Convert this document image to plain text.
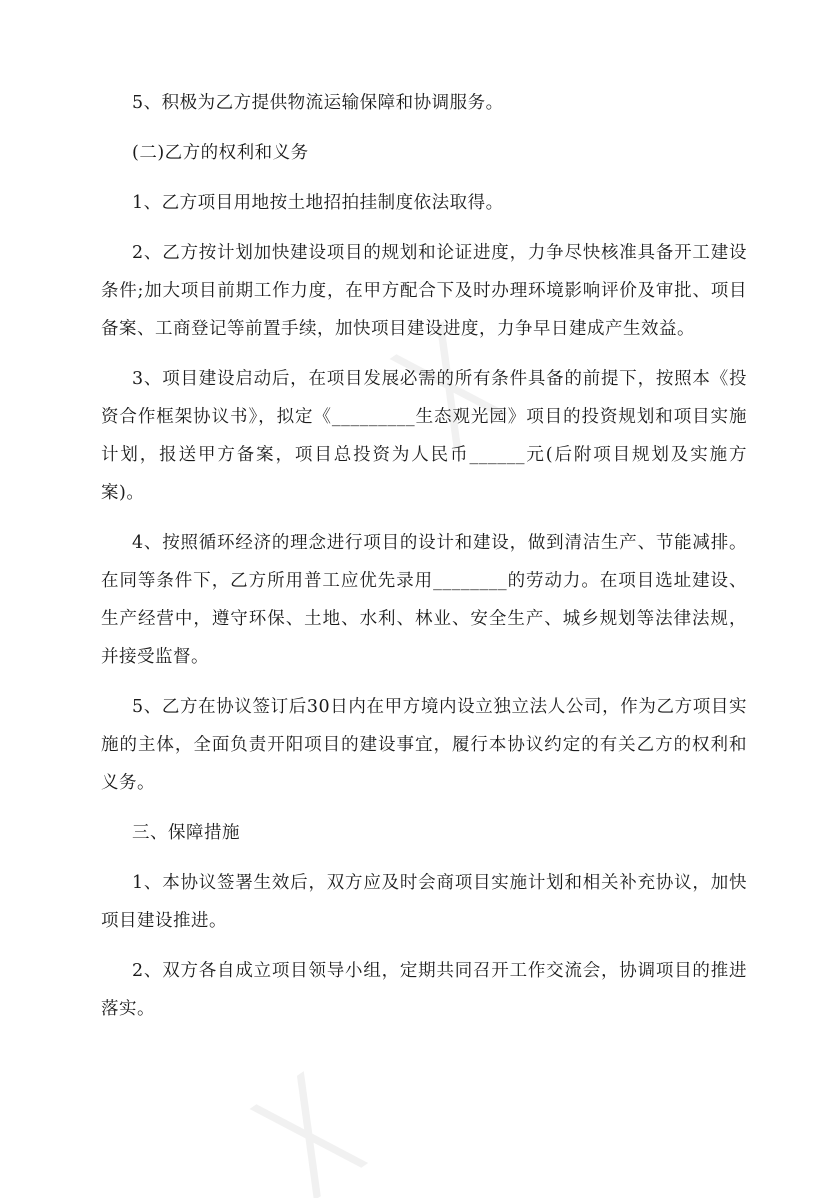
╳
╳

5、积极为乙方提供物流运输保障和协调服务。

(二)乙方的权利和义务

1、乙方项目用地按土地招拍挂制度依法取得。

2、乙方按计划加快建设项目的规划和论证进度，力争尽快核准具备开工建设条件;加大项目前期工作力度，在甲方配合下及时办理环境影响评价及审批、项目备案、工商登记等前置手续，加快项目建设进度，力争早日建成产生效益。

3、项目建设启动后，在项目发展必需的所有条件具备的前提下，按照本《投资合作框架协议书》，拟定《_________生态观光园》项目的投资规划和项目实施计划，报送甲方备案，项目总投资为人民币______元(后附项目规划及实施方案)。

4、按照循环经济的理念进行项目的设计和建设，做到清洁生产、节能减排。在同等条件下，乙方所用普工应优先录用________的劳动力。在项目选址建设、生产经营中，遵守环保、土地、水利、林业、安全生产、城乡规划等法律法规，并接受监督。

5、乙方在协议签订后30日内在甲方境内设立独立法人公司，作为乙方项目实施的主体，全面负责开阳项目的建设事宜，履行本协议约定的有关乙方的权利和义务。

三、保障措施

1、本协议签署生效后，双方应及时会商项目实施计划和相关补充协议，加快项目建设推进。

2、双方各自成立项目领导小组，定期共同召开工作交流会，协调项目的推进落实。
